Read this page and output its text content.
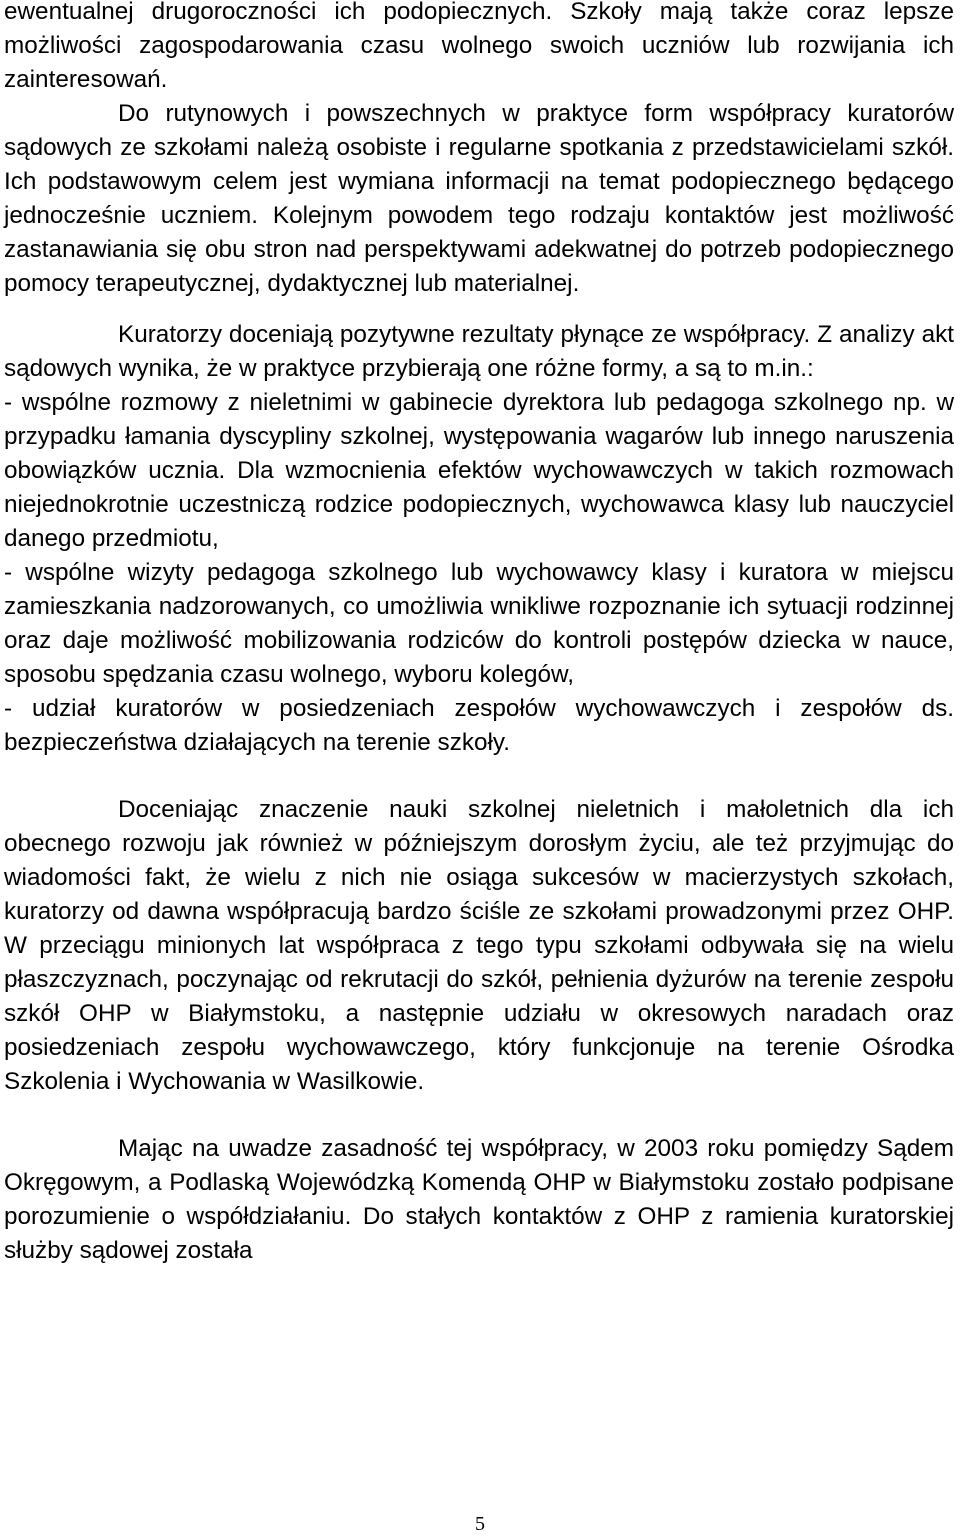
ewentualnej drugoroczności ich podopiecznych. Szkoły mają także coraz lepsze możliwości zagospodarowania czasu wolnego swoich uczniów lub rozwijania ich zainteresowań.

Do rutynowych i powszechnych w praktyce form współpracy kuratorów sądowych ze szkołami należą osobiste i regularne spotkania z przedstawicielami szkół. Ich podstawowym celem jest wymiana informacji na temat podopiecznego będącego jednocześnie uczniem. Kolejnym powodem tego rodzaju kontaktów jest możliwość zastanawiania się obu stron nad perspektywami adekwatnej do potrzeb podopiecznego pomocy terapeutycznej, dydaktycznej lub materialnej.

Kuratorzy doceniają pozytywne rezultaty płynące ze współpracy. Z analizy akt sądowych wynika, że w praktyce przybierają one różne formy, a są to m.in.:

- wspólne rozmowy z nieletnimi w gabinecie dyrektora lub pedagoga szkolnego np. w przypadku łamania dyscypliny szkolnej, występowania wagarów lub innego naruszenia obowiązków ucznia. Dla wzmocnienia efektów wychowawczych w takich rozmowach niejednokrotnie uczestniczą rodzice podopiecznych, wychowawca klasy lub nauczyciel danego przedmiotu,

- wspólne wizyty pedagoga szkolnego lub wychowawcy klasy i kuratora w miejscu zamieszkania nadzorowanych, co umożliwia wnikliwe rozpoznanie ich sytuacji rodzinnej oraz daje możliwość mobilizowania rodziców do kontroli postępów dziecka w nauce, sposobu spędzania czasu wolnego, wyboru kolegów,

- udział kuratorów w posiedzeniach zespołów wychowawczych i zespołów ds. bezpieczeństwa działających na terenie szkoły.

Doceniając znaczenie nauki szkolnej nieletnich i małoletnich dla ich obecnego rozwoju jak również w późniejszym dorosłym życiu, ale też przyjmując do wiadomości fakt, że wielu z nich nie osiąga sukcesów w macierzystych szkołach, kuratorzy od dawna współpracują bardzo ściśle ze szkołami prowadzonymi przez OHP. W przeciągu minionych lat współpraca z tego typu szkołami odbywała się na wielu płaszczyznach, poczynając od rekrutacji do szkół, pełnienia dyżurów na terenie zespołu szkół OHP w Białymstoku, a następnie udziału w okresowych naradach oraz posiedzeniach zespołu wychowawczego, który funkcjonuje na terenie Ośrodka Szkolenia i Wychowania w Wasilkowie.

Mając na uwadze zasadność tej współpracy, w 2003 roku pomiędzy Sądem Okręgowym, a Podlaską Wojewódzką Komendą OHP w Białymstoku zostało podpisane porozumienie o współdziałaniu. Do stałych kontaktów z OHP z ramienia kuratorskiej służby sądowej została

5
